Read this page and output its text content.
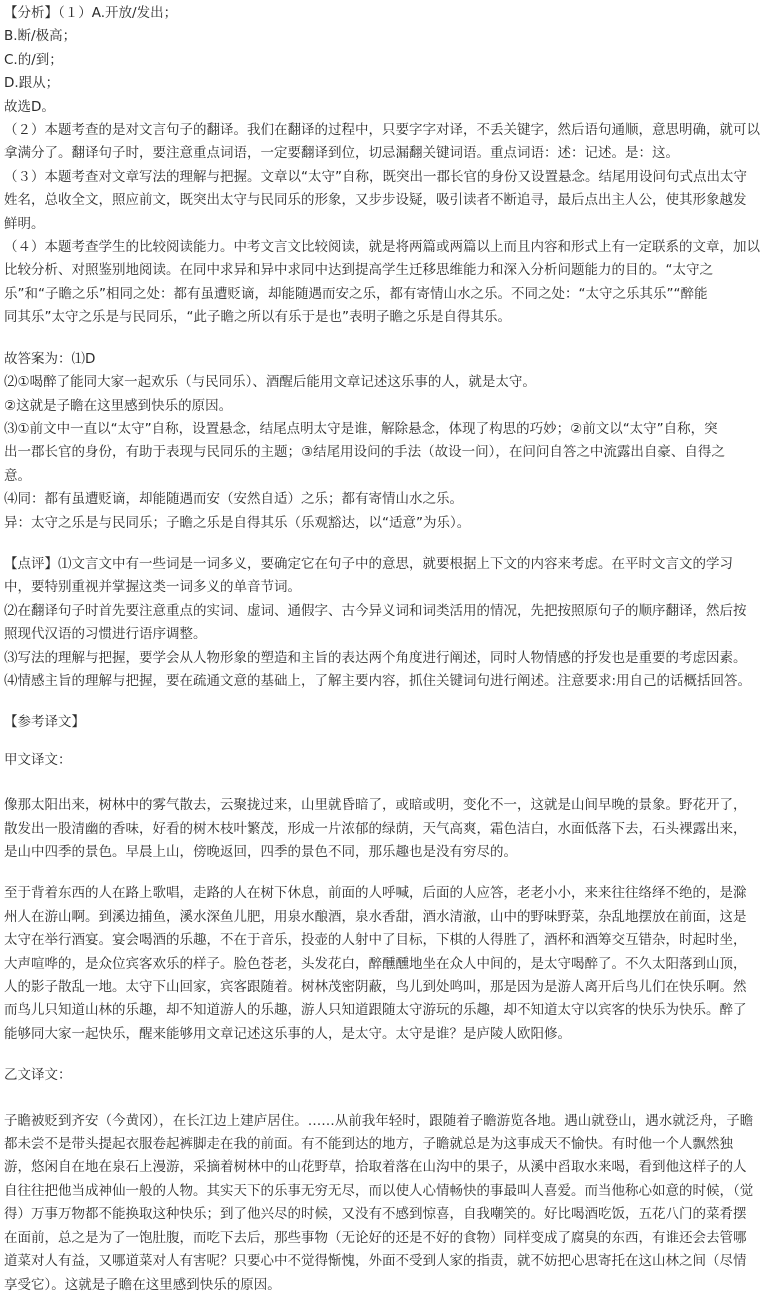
【分析】（１）A.开放/发出；
B.断/极高；
C.的/到；
D.跟从；
故选D。
（２）本题考查的是对文言句子的翻译。我们在翻译的过程中，只要字字对译，不丢关键字，然后语句通顺，意思明确，就可以
拿满分了。翻译句子时，要注意重点词语，一定要翻译到位，切忌漏翻关键词语。重点词语：述：记述。是：这。
（３）本题考查对文章写法的理解与把握。文章以“太守”自称，既突出一郡长官的身份又设置悬念。结尾用设问句式点出太守
姓名，总收全文，照应前文，既突出太守与民同乐的形象，又步步设疑，吸引读者不断追寻，最后点出主人公，使其形象越发
鲜明。
（４）本题考查学生的比较阅读能力。中考文言文比较阅读，就是将两篇或两篇以上而且内容和形式上有一定联系的文章，加以
比较分析、对照鉴别地阅读。在同中求异和异中求同中达到提高学生迁移思维能力和深入分析问题能力的目的。“太守之
乐”和“子瞻之乐”相同之处：都有虽遭贬谪，却能随遇而安之乐，都有寄情山水之乐。不同之处：“太守之乐其乐”“醉能
同其乐”太守之乐是与民同乐，“此子瞻之所以有乐于是也”表明子瞻之乐是自得其乐。
故答案为：⑴D
⑵①喝醉了能同大家一起欢乐（与民同乐）、酒醒后能用文章记述这乐事的人，就是太守。
②这就是子瞻在这里感到快乐的原因。
⑶①前文中一直以“太守”自称，设置悬念，结尾点明太守是谁，解除悬念，体现了构思的巧妙；②前文以“太守”自称，突
出一郡长官的身份，有助于表现与民同乐的主题；③结尾用设问的手法（故设一问），在问问自答之中流露出自豪、自得之
意。
⑷同：都有虽遭贬谪，却能随遇而安（安然自适）之乐；都有寄情山水之乐。
异：太守之乐是与民同乐；子瞻之乐是自得其乐（乐观豁达，以“适意”为乐）。
【点评】⑴文言文中有一些词是一词多义，要确定它在句子中的意思，就要根据上下文的内容来考虑。在平时文言文的学习
中，要特别重视并掌握这类一词多义的单音节词。
⑵在翻译句子时首先要注意重点的实词、虚词、通假字、古今异义词和词类活用的情况，先把按照原句子的顺序翻译，然后按
照现代汉语的习惯进行语序调整。
⑶写法的理解与把握，要学会从人物形象的塑造和主旨的表达两个角度进行阐述，同时人物情感的抒发也是重要的考虑因素。
⑷情感主旨的理解与把握，要在疏通文意的基础上，了解主要内容，抓住关键词句进行阐述。注意要求:用自己的话概括回答。
【参考译文】
甲文译文：
像那太阳出来，树林中的雾气散去，云聚拢过来，山里就昏暗了，或暗或明，变化不一，这就是山间早晚的景象。野花开了，
散发出一股清幽的香味，好看的树木枝叶繁茂，形成一片浓郁的绿荫，天气高爽，霜色洁白，水面低落下去，石头裸露出来，
是山中四季的景色。早晨上山，傍晚返回，四季的景色不同，那乐趣也是没有穷尽的。
至于背着东西的人在路上歌唱，走路的人在树下休息，前面的人呼喊，后面的人应答，老老小小，来来往往络绎不绝的，是滁
州人在游山啊。到溪边捕鱼，溪水深鱼儿肥，用泉水酿酒，泉水香甜，酒水清澈，山中的野味野菜，杂乱地摆放在前面，这是
太守在举行酒宴。宴会喝酒的乐趣，不在于音乐，投壶的人射中了目标，下棋的人得胜了，酒杯和酒筹交互错杂，时起时坐，
大声喧哗的，是众位宾客欢乐的样子。脸色苍老，头发花白，醉醺醺地坐在众人中间的，是太守喝醉了。不久太阳落到山顶，
人的影子散乱一地。太守下山回家，宾客跟随着。树林茂密阴蔽，鸟儿到处鸣叫，那是因为是游人离开后鸟儿们在快乐啊。然
而鸟儿只知道山林的乐趣，却不知道游人的乐趣，游人只知道跟随太守游玩的乐趣，却不知道太守以宾客的快乐为快乐。醉了
能够同大家一起快乐，醒来能够用文章记述这乐事的人，是太守。太守是谁？是庐陵人欧阳修。
乙文译文：
子瞻被贬到齐安（今黄冈），在长江边上建庐居住。……从前我年轻时，跟随着子瞻游览各地。遇山就登山，遇水就泛舟，子瞻
都未尝不是带头提起衣服卷起裤脚走在我的前面。有不能到达的地方，子瞻就总是为这事成天不愉快。有时他一个人飘然独
游，悠闲自在地在泉石上漫游，采摘着树林中的山花野草，拾取着落在山沟中的果子，从溪中舀取水来喝，看到他这样子的人
自往往把他当成神仙一般的人物。其实天下的乐事无穷无尽，而以使人心情畅快的事最叫人喜爱。而当他称心如意的时候，（觉
得）万事万物都不能换取这种快乐；到了他兴尽的时候，又没有不感到惊喜，自我嘲笑的。好比喝酒吃饭，五花八门的菜肴摆
在面前，总之是为了一饱肚腹，而吃下去后，那些事物（无论好的还是不好的食物）同样变成了腐臭的东西，有谁还会去管哪
道菜对人有益，又哪道菜对人有害呢？只要心中不觉得惭愧，外面不受到人家的指责，就不妨把心思寄托在这山林之间（尽情
享受它）。这就是子瞻在这里感到快乐的原因。
